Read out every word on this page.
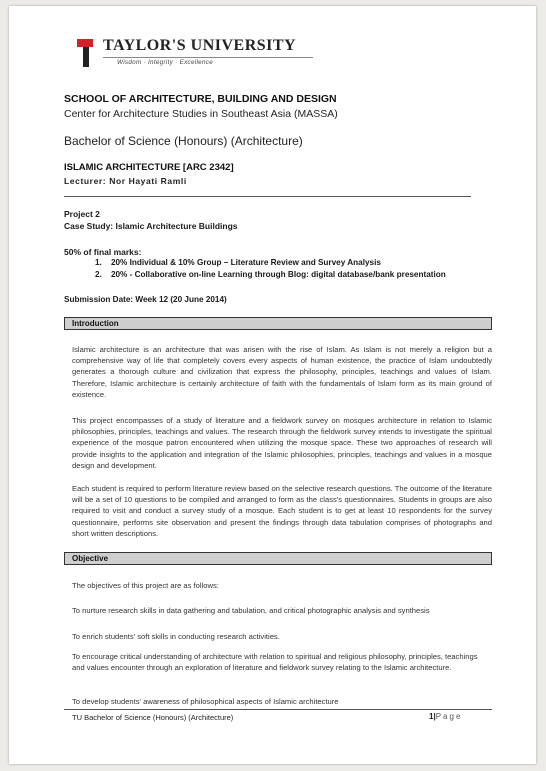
TAYLOR'S UNIVERSITY
Wisdom · Integrity · Excellence
SCHOOL OF ARCHITECTURE, BUILDING AND DESIGN
Center for Architecture Studies in Southeast Asia (MASSA)
Bachelor of Science (Honours) (Architecture)
ISLAMIC ARCHITECTURE [ARC 2342]
Lecturer: Nor Hayati Ramli
Project 2
Case Study: Islamic Architecture Buildings
50% of final marks:
1. 20% Individual & 10% Group – Literature Review and Survey Analysis
2. 20% - Collaborative on-line Learning through Blog: digital database/bank presentation
Submission Date: Week 12 (20 June 2014)
Introduction
Islamic architecture is an architecture that was arisen with the rise of Islam. As Islam is not merely a religion but a comprehensive way of life that completely covers every aspects of human existence, the practice of Islam undoubtedly generates a thorough culture and civilization that express the philosophy, principles, teachings and values of Islam. Therefore, Islamic architecture is certainly architecture of faith with the fundamentals of Islam form as its main ground of existence.
This project encompasses of a study of literature and a fieldwork survey on mosques architecture in relation to Islamic philosophies, principles, teachings and values. The research through the fieldwork survey intends to investigate the spiritual experience of the mosque patron encountered when utilizing the mosque space. These two approaches of research will provide insights to the application and integration of the Islamic philosophies, principles, teachings and values in a mosque design and development.
Each student is required to perform literature review based on the selective research questions. The outcome of the literature will be a set of 10 questions to be compiled and arranged to form as the class's questionnaires. Students in groups are also required to visit and conduct a survey study of a mosque. Each student is to get at least 10 respondents for the survey questionnaire, performs site observation and present the findings through data tabulation comprises of photographs and short written descriptions.
Objective
The objectives of this project are as follows:
To nurture research skills in data gathering and tabulation, and critical photographic analysis and synthesis
To enrich students' soft skills in conducting research activities.
To encourage critical understanding of architecture with relation to spiritual and religious philosophy, principles, teachings and values encounter through an exploration of literature and fieldwork survey relating to the Islamic architecture.
To develop students' awareness of philosophical aspects of Islamic architecture
TU Bachelor of Science (Honours) (Architecture)	1|Page
